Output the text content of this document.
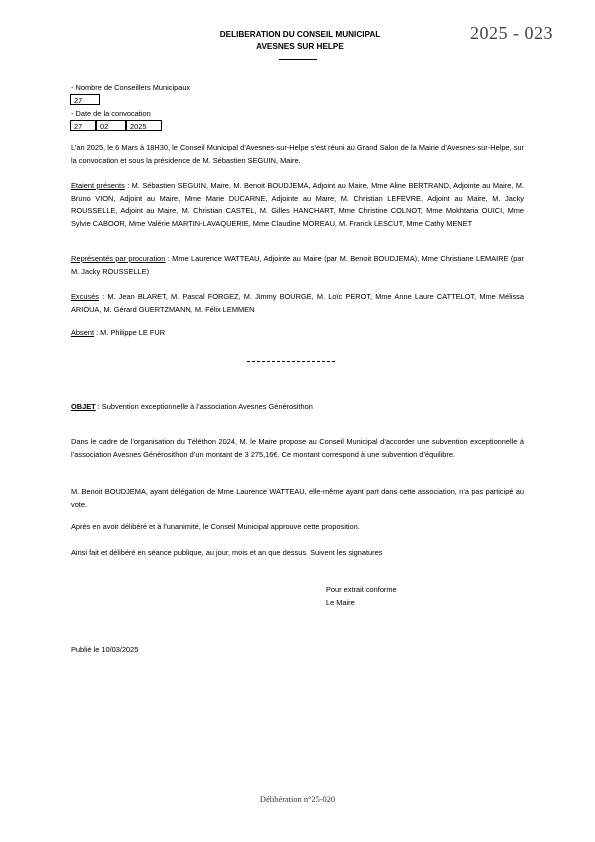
DELIBERATION DU CONSEIL MUNICIPAL
AVESNES SUR HELPE
2025 - 023
- Nombre de Conseillers Municipaux
27
- Date de la convocation
27	02	2025
L’an 2025, le 6 Mars à 18H30, le Conseil Municipal d’Avesnes-sur-Helpe s’est réuni au Grand Salon de la Mairie d’Avesnes-sur-Helpe, sur la convocation et sous la présidence de M. Sébastien SEGUIN, Maire.
Etaient présents : M. Sébastien SEGUIN, Maire, M. Benoit BOUDJEMA, Adjoint au Maire, Mme Aline BERTRAND, Adjointe au Maire, M. Bruno VION, Adjoint au Maire, Mme Marie DUCARNE, Adjointe au Maire, M. Christian LEFEVRE, Adjoint au Maire, M. Jacky ROUSSELLE, Adjoint au Maire, M. Christian CASTEL, M. Gilles HANCHART, Mme Christine COLNOT, Mme Mokhtaria OUICI, Mme Sylvie CABOOR, Mme Valérie MARTIN-LAVAQUERIE, Mme Claudine MOREAU, M. Franck LESCUT, Mme Cathy MENET
Représentés par procuration : Mme Laurence WATTEAU, Adjointe au Maire (par M. Benoit BOUDJEMA), Mme Christiane LEMAIRE (par M. Jacky ROUSSELLE)
Excusés : M. Jean BLARET, M. Pascal FORGEZ, M. Jimmy BOURGE, M. Loïc PEROT, Mme Anne Laure CATTELOT, Mme Mélissa ARIOUA, M. Gérard GUERTZMANN, M. Félix LEMMEN
Absent : M. Philippe LE FUR
OBJET : Subvention exceptionnelle à l’association Avesnes Générosithon
Dans le cadre de l’organisation du Téléthon 2024, M. le Maire propose au Conseil Municipal d’accorder une subvention exceptionnelle à l’association Avesnes Générosithon d’un montant de 3 275,16€. Ce montant correspond à une subvention d’équilibre.
M. Benoit BOUDJEMA, ayant délégation de Mme Laurence WATTEAU, elle-même ayant part dans cette association, n’a pas participé au vote.
Après en avoir délibéré et à l’unanimité, le Conseil Municipal approuve cette proposition.
Ainsi fait et délibéré en séance publique, au jour, mois et an que dessus. Suivent les signatures
Pour extrait conforme
Le Maire
Publié le 10/03/2025
Délibération n°25-020
